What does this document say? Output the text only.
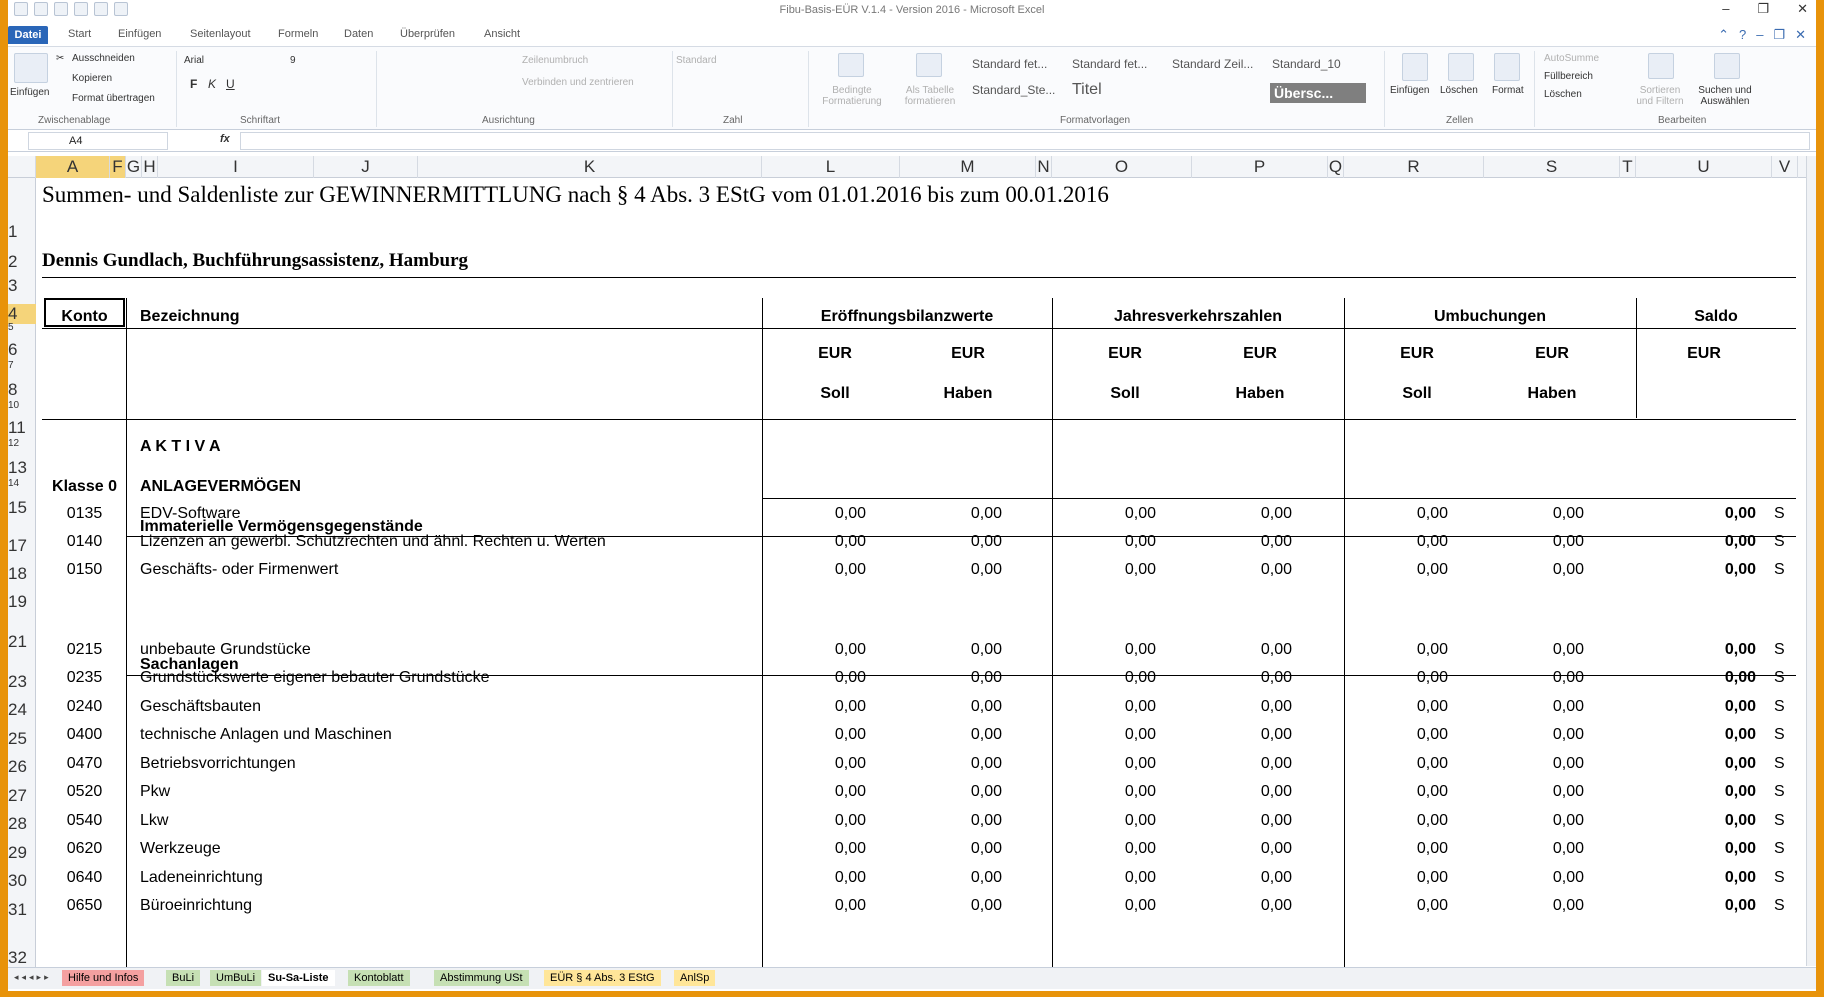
Fibu-Basis-EÜR V.1.4 - Version 2016 - Microsoft Excel	– ❐ ✕
Datei	Start Einfügen	Seitenlayout Formeln Daten Überprüfen	Ansicht	⌃ ? – ❐ ✕
Einfügen
✂ Ausschneiden
Kopieren
Format übertragen
Zwischenablage
Arial	9
F K U
Schriftart
Zeilenumbruch
Verbinden und zentrieren
Ausrichtung
Standard
Zahl
Bedingte Formatierung
Als Tabelle formatieren
Standard fet... Standard fet... Standard Zeil... Standard_10
Standard_Ste... Titel	Übersc...
Formatvorlagen
Einfügen Löschen Format
Zellen
AutoSumme
Füllbereich
Löschen	Sortieren und Filtern
Suchen und Auswählen
Bearbeiten
A4	fx
A	F G H	I	J	K	L	M	N	O	P	Q	R	S	T	U	V
1
2
3
4
5
6
7
8
10
11
12
13
14
15
17
18
19
21
23
24
25
26
27
28
29
30
31
32
Summen- und Saldenliste zur GEWINNERMITTLUNG nach § 4 Abs. 3 EStG vom 01.01.2016 bis zum 00.01.2016
Dennis Gundlach, Buchführungsassistenz, Hamburg
Konto	Bezeichnung	Eröffnungsbilanzwerte	Jahresverkehrszahlen	Umbuchungen	Saldo
EUR	EUR	EUR	EUR	EUR	EUR	EUR
Soll	Haben	Soll	Haben	Soll	Haben
A K T I V A
Klasse 0	ANLAGEVERMÖGEN
Immaterielle Vermögensgegenstände
Sachanlagen
0135	EDV-Software	0,00	0,00	0,00	0,00	0,00	0,00	0,00 S
0140	Lizenzen an gewerbl. Schutzrechten und ähnl. Rechten u. Werten	0,00	0,00	0,00	0,00	0,00	0,00	0,00 S
0150	Geschäfts- oder Firmenwert	0,00	0,00	0,00	0,00	0,00	0,00	0,00 S
0215	unbebaute Grundstücke	0,00	0,00	0,00	0,00	0,00	0,00	0,00 S
0235	Grundstückswerte eigener bebauter Grundstücke	0,00	0,00	0,00	0,00	0,00	0,00	0,00 S
0240	Geschäftsbauten	0,00	0,00	0,00	0,00	0,00	0,00	0,00 S
0400	technische Anlagen und Maschinen	0,00	0,00	0,00	0,00	0,00	0,00	0,00 S
0470	Betriebsvorrichtungen	0,00	0,00	0,00	0,00	0,00	0,00	0,00 S
0520	Pkw	0,00	0,00	0,00	0,00	0,00	0,00	0,00 S
0540	Lkw	0,00	0,00	0,00	0,00	0,00	0,00	0,00 S
0620	Werkzeuge	0,00	0,00	0,00	0,00	0,00	0,00	0,00 S
0640	Ladeneinrichtung	0,00	0,00	0,00	0,00	0,00	0,00	0,00 S
0650	Büroeinrichtung	0,00	0,00	0,00	0,00	0,00	0,00	0,00 S
◂◂◂▸▸	Hilfe und Infos	BuLi	UmBuLi	Su-Sa-Liste	Kontoblatt	Abstimmung USt	EÜR § 4 Abs. 3 EStG	AnlSp
